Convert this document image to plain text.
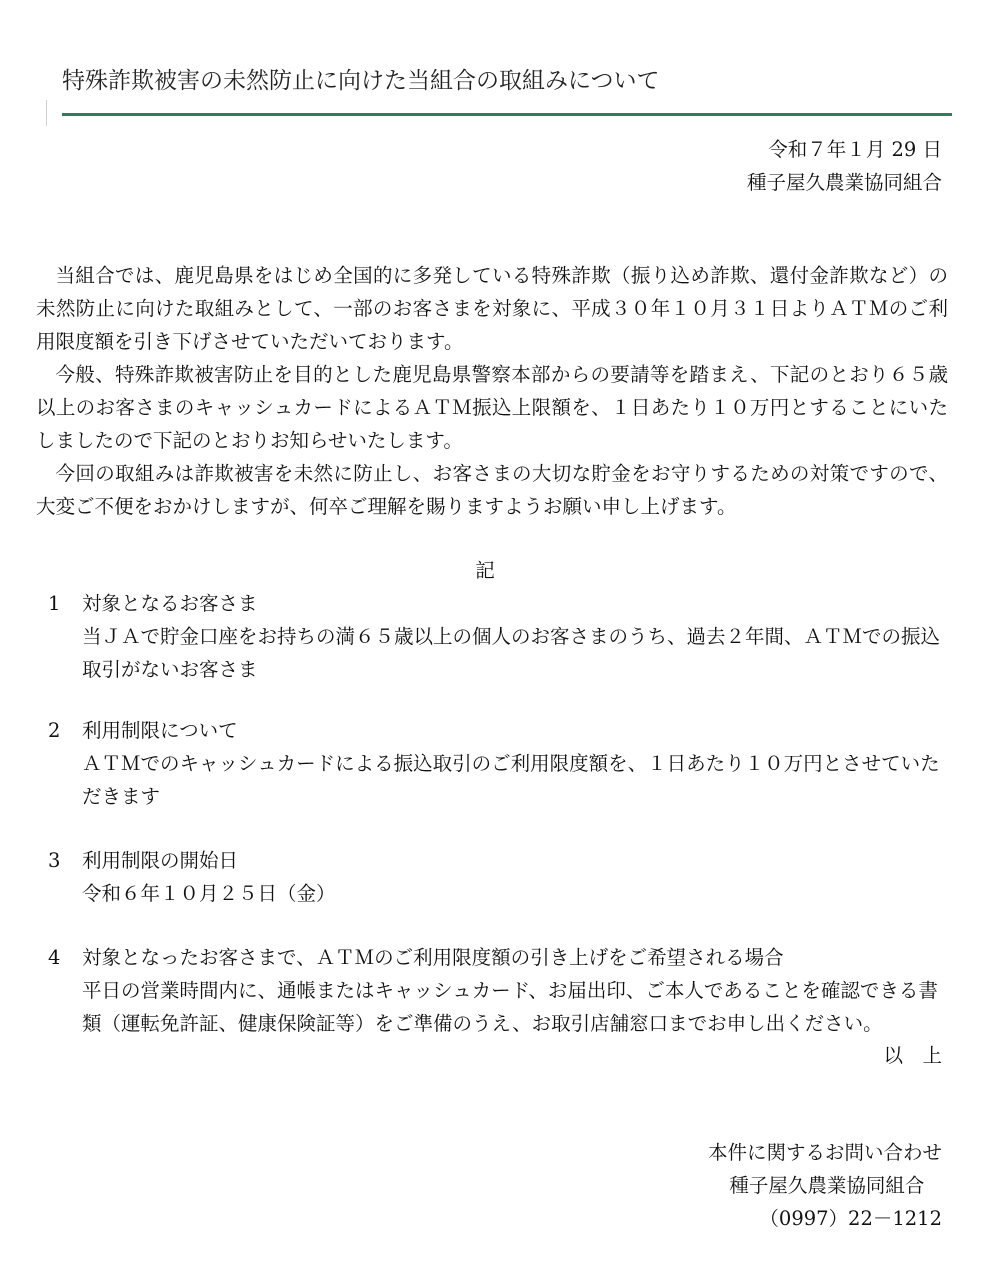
特殊詐欺被害の未然防止に向けた当組合の取組みについて
令和７年１月 29 日
種子屋久農業協同組合

当組合では、鹿児島県をはじめ全国的に多発している特殊詐欺（振り込め詐欺、還付金詐欺など）の未然防止に向けた取組みとして、一部のお客さまを対象に、平成３０年１０月３１日よりＡＴＭのご利用限度額を引き下げさせていただいております。

今般、特殊詐欺被害防止を目的とした鹿児島県警察本部からの要請等を踏まえ、下記のとおり６５歳以上のお客さまのキャッシュカードによるＡＴＭ振込上限額を、１日あたり１０万円とすることにいたしましたので下記のとおりお知らせいたします。

今回の取組みは詐欺被害を未然に防止し、お客さまの大切な貯金をお守りするための対策ですので、大変ご不便をおかけしますが、何卒ご理解を賜りますようお願い申し上げます。

記
1 対象となるお客さま
当ＪＡで貯金口座をお持ちの満６５歳以上の個人のお客さまのうち、過去２年間、ＡＴＭでの振込取引がないお客さま
2 利用制限について
ＡＴＭでのキャッシュカードによる振込取引のご利用限度額を、１日あたり１０万円とさせていただきます
3 利用制限の開始日
令和６年１０月２５日（金）
4 対象となったお客さまで、ＡＴＭのご利用限度額の引き上げをご希望される場合
平日の営業時間内に、通帳またはキャッシュカード、お届出印、ご本人であることを確認できる書類（運転免許証、健康保険証等）をご準備のうえ、お取引店舗窓口までお申し出ください。
以　上
本件に関するお問い合わせ
種子屋久農業協同組合
（0997）22－1212
